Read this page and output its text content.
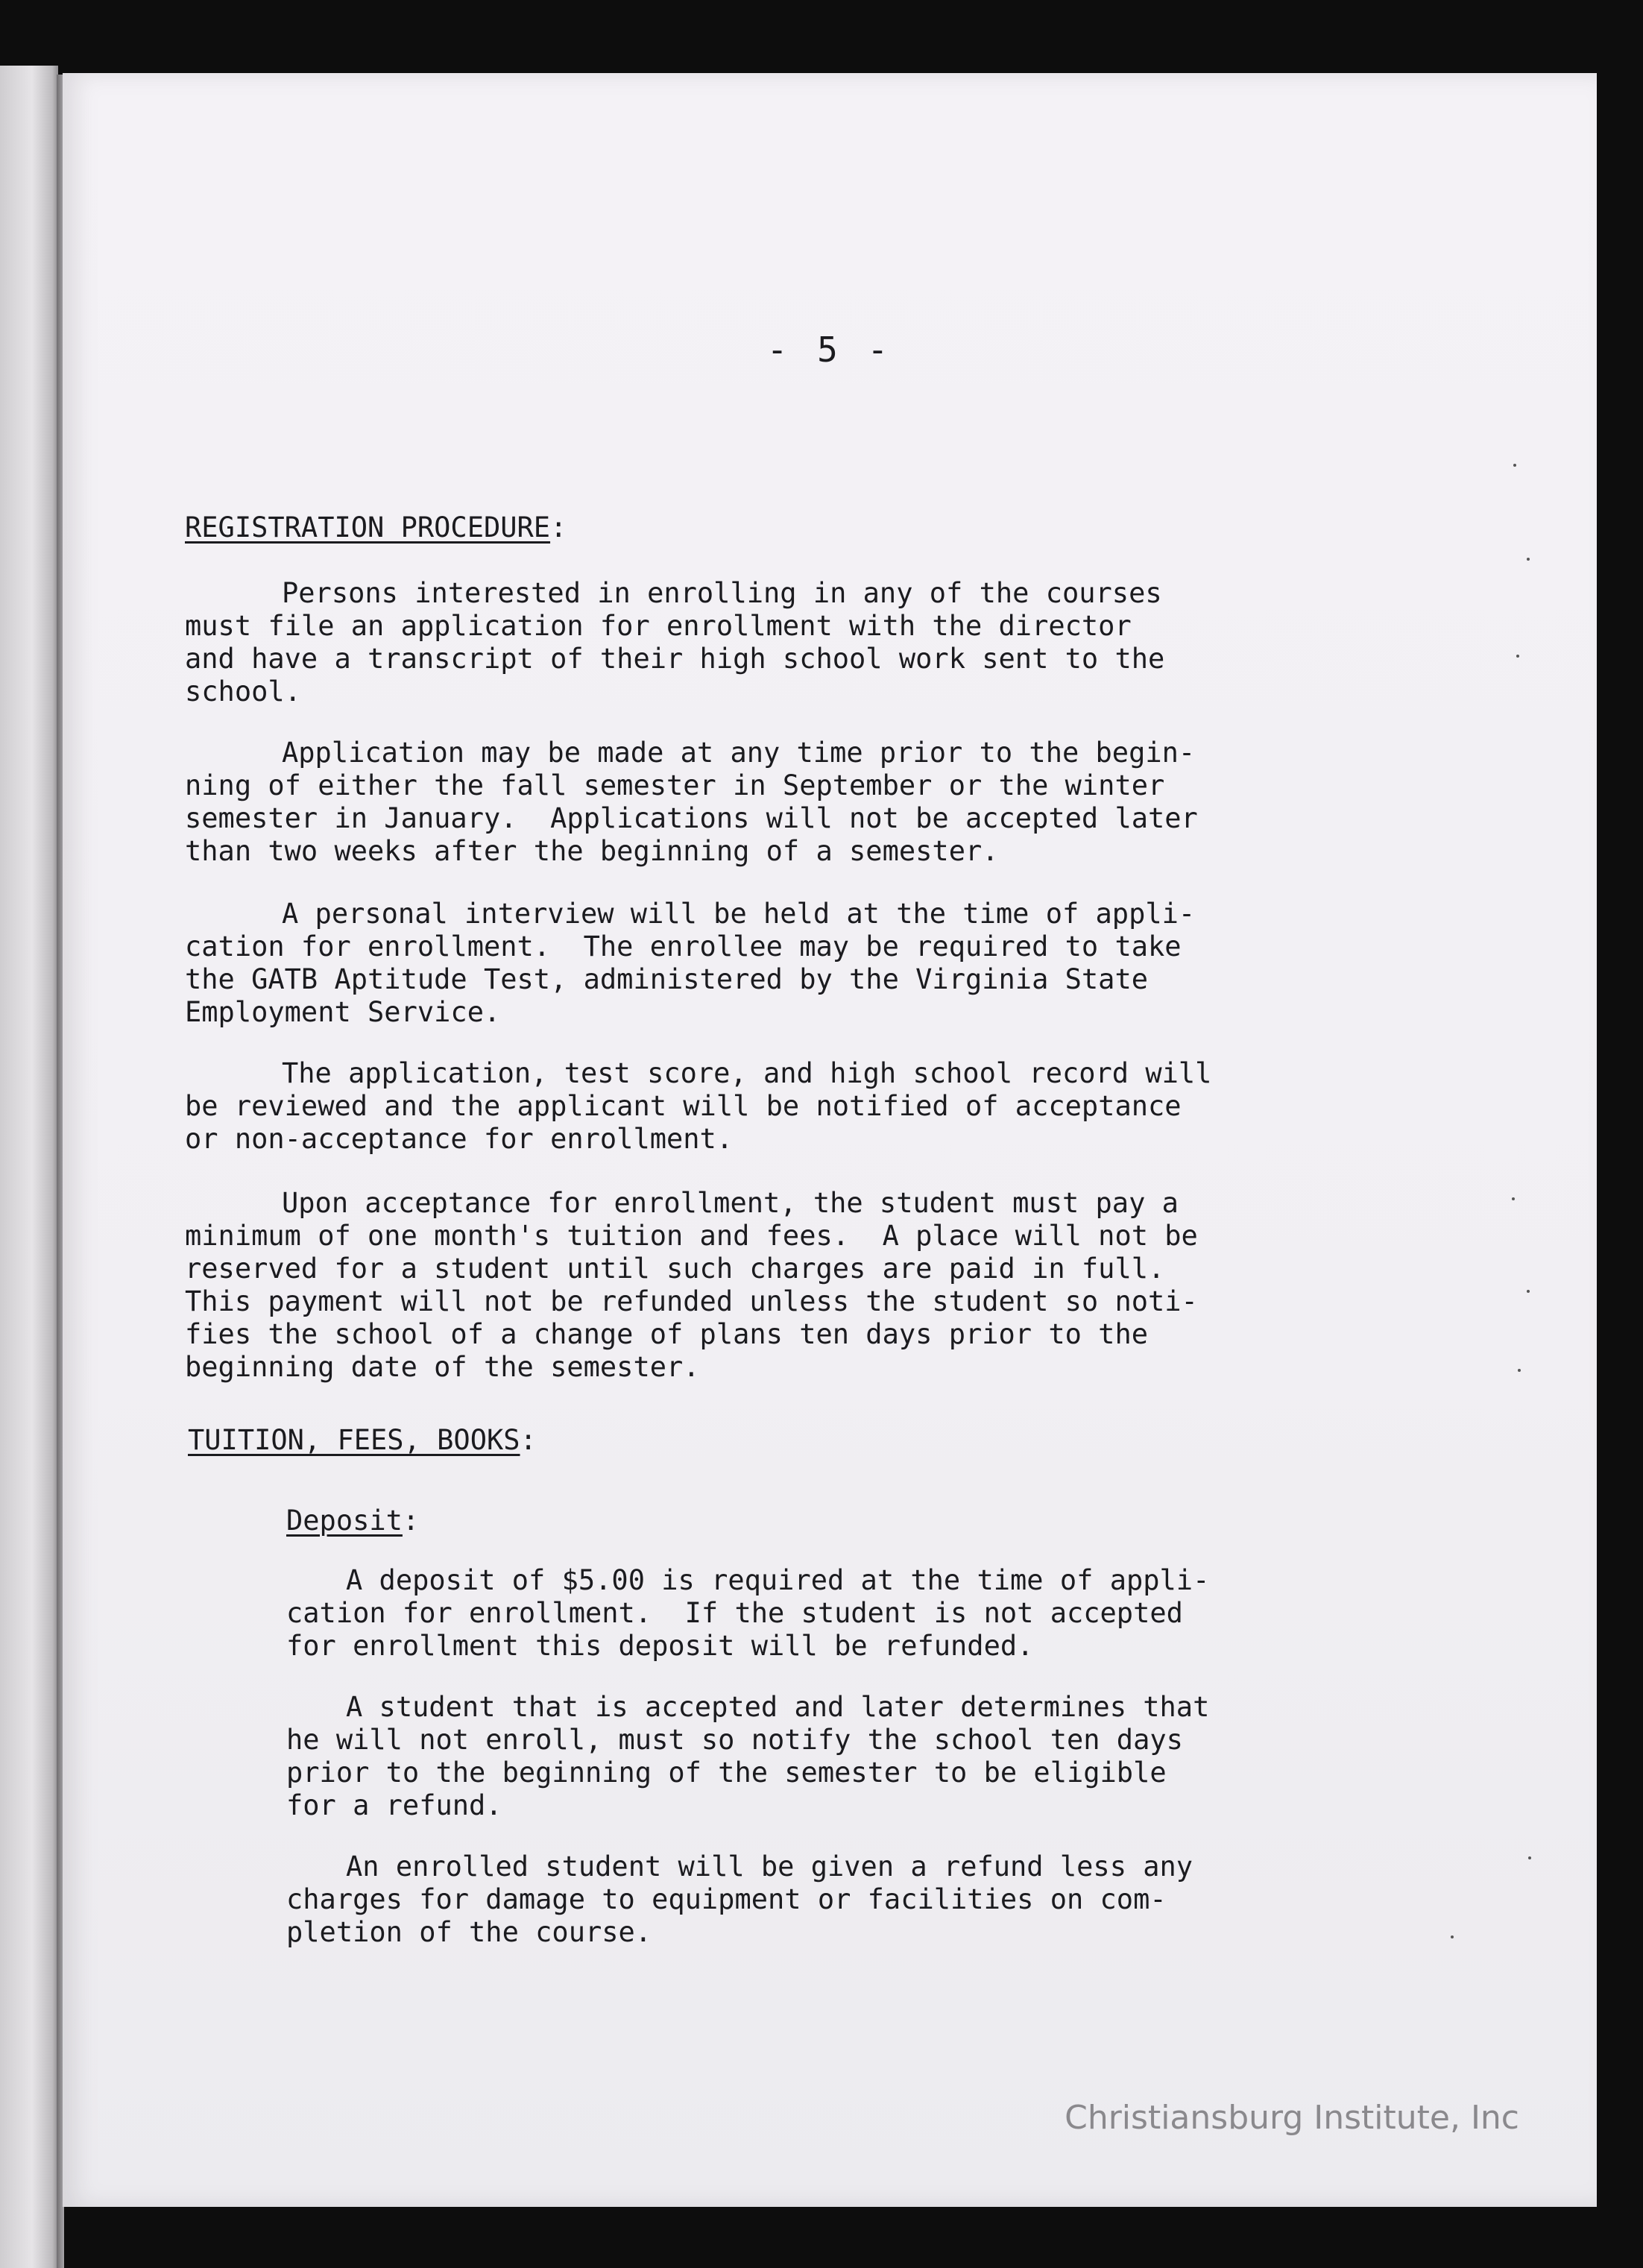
- 5 -
REGISTRATION PROCEDURE:
Persons interested in enrolling in any of the courses
must file an application for enrollment with the director
and have a transcript of their high school work sent to the
school.
Application may be made at any time prior to the begin-
ning of either the fall semester in September or the winter
semester in January.  Applications will not be accepted later
than two weeks after the beginning of a semester.
A personal interview will be held at the time of appli-
cation for enrollment.  The enrollee may be required to take
the GATB Aptitude Test, administered by the Virginia State
Employment Service.
The application, test score, and high school record will
be reviewed and the applicant will be notified of acceptance
or non-acceptance for enrollment.
Upon acceptance for enrollment, the student must pay a
minimum of one month's tuition and fees.  A place will not be
reserved for a student until such charges are paid in full.
This payment will not be refunded unless the student so noti-
fies the school of a change of plans ten days prior to the
beginning date of the semester.
TUITION, FEES, BOOKS:
Deposit:
A deposit of $5.00 is required at the time of appli-
cation for enrollment.  If the student is not accepted
for enrollment this deposit will be refunded.
A student that is accepted and later determines that
he will not enroll, must so notify the school ten days
prior to the beginning of the semester to be eligible
for a refund.
An enrolled student will be given a refund less any
charges for damage to equipment or facilities on com-
pletion of the course.
Christiansburg Institute, Inc
